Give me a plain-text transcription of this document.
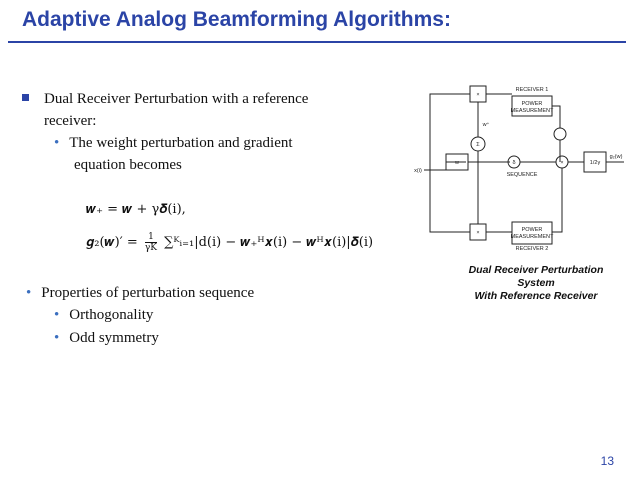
Adaptive Analog Beamforming Algorithms:
Dual Receiver Perturbation with a reference
receiver:
• The weight perturbation and gradient
equation becomes
𝒘₊ = 𝒘 + γ𝜹(i),
𝒈₂(𝒘)′ = $\frac{1}{\gamma K}$ ∑ᴷᵢ₌₁|d(i) − 𝒘₊ᴴ𝒙(i) − 𝒘ᴴ𝒙(i)|𝜹(i)
• Properties of perturbation sequence
• Orthogonality
• Odd symmetry
RECEIVER 1
POWER
MEASUREMENT
POWER
MEASUREMENT
RECEIVER 2
SEQUENCE
x(i)
g₂(w)
1/2γ
×
×
Σ
w
w⁺
δ	×
Dual Receiver Perturbation System
With Reference Receiver
13
